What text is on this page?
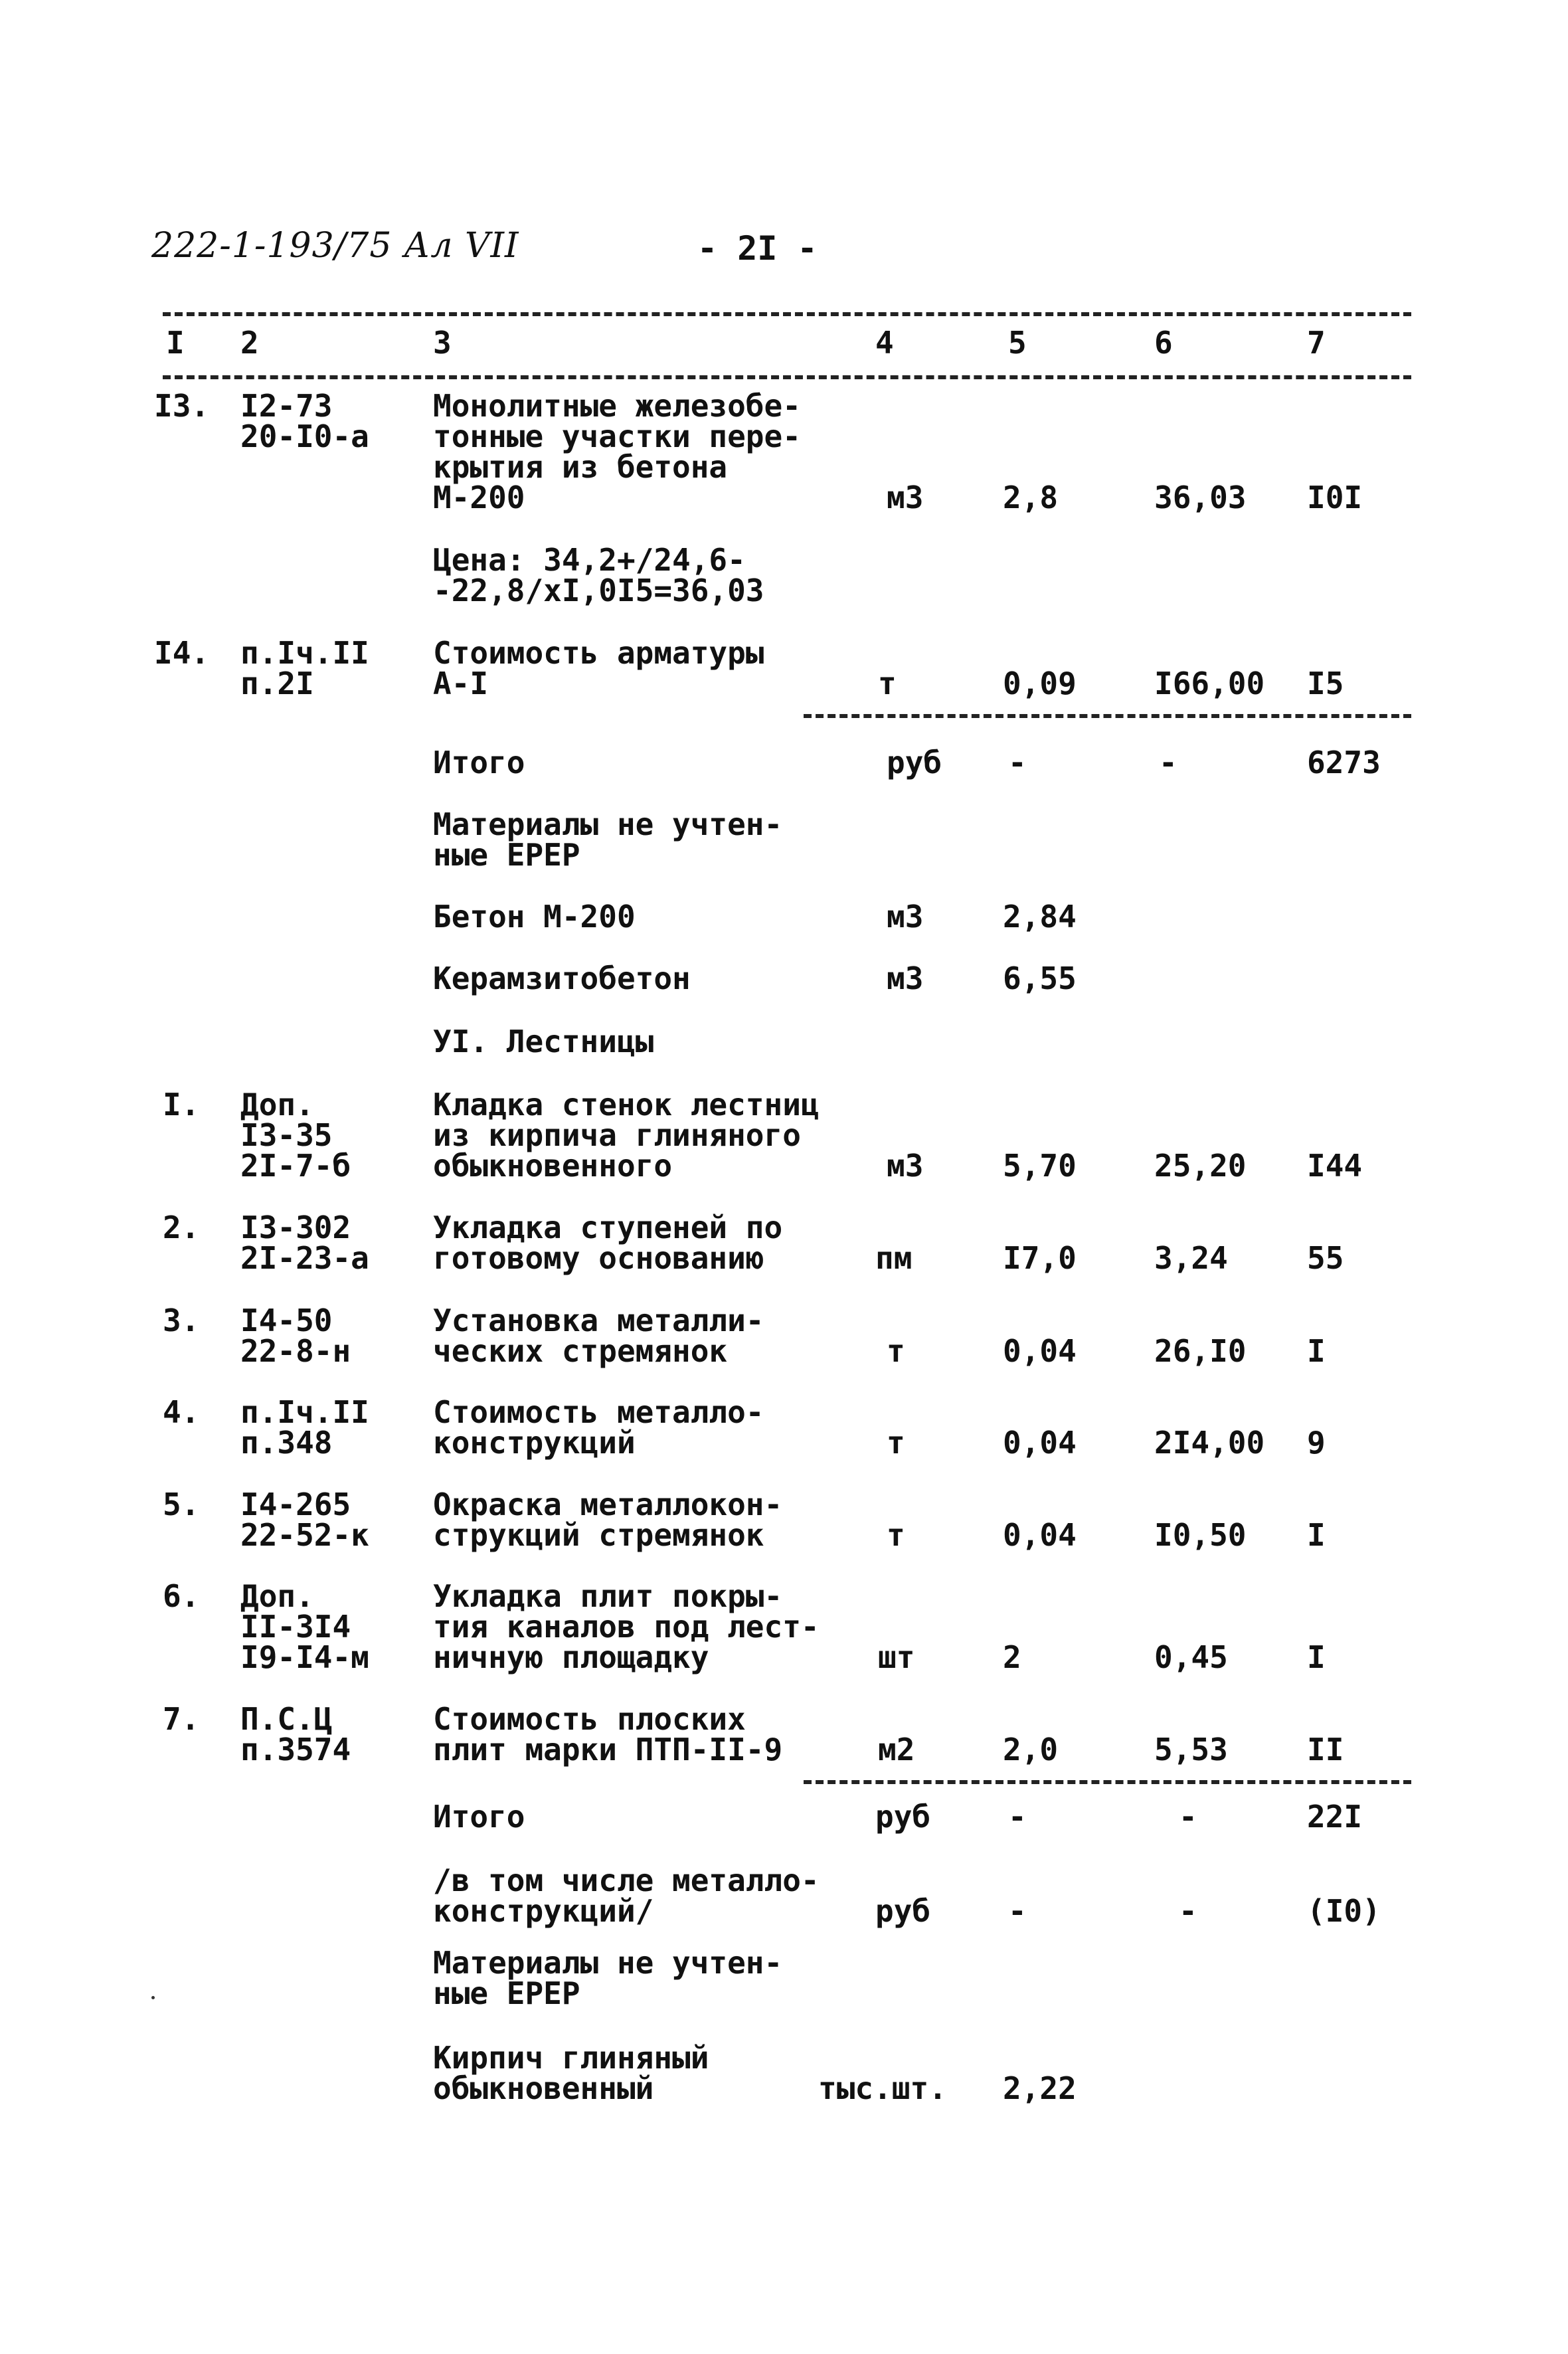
222-1-193/75 Ал VII	- 2I -
I 2	3	4	5	6	7
I3. I2-73
20-I0-a
Монолитные железобе-
тонные участки пере-
крытия из бетона
М-200	м3	2,8	36,03 I0I
Цена: 34,2+/24,6-
-22,8/xI,0I5=36,03
I4. п.Iч.II
п.2I
Стоимость арматуры
А-I	т	0,09	I66,00 I5
Итого	руб -	-	6273
Материалы не учтен-
ные ЕРЕР
Бетон М-200	м3	2,84
Керамзитобетон	м3	6,55
УI. Лестницы
I. Доп.
I3-35
2I-7-б
Кладка стенок лестниц
из кирпича глиняного
обыкновенного	м3	5,70	25,20 I44
2. I3-302
2I-23-a
Укладка ступеней по
готовому основанию	пм	I7,0	3,24	55
3. I4-50
22-8-н
Установка металли-
ческих стремянок	т	0,04	26,I0 I
4. п.Iч.II
п.348
Стоимость металло-
конструкций	т	0,04	2I4,00 9
5. I4-265
22-52-к
Окраска металлокон-
струкций стремянок	т	0,04	I0,50 I
6. Доп.
II-3I4
I9-I4-м
Укладка плит покры-
тия каналов под лест-
ничную площадку	шт	2	0,45	I
7. П.С.Ц
п.3574
Стоимость плоских
плит марки ПТП-II-9	м2	2,0	5,53	II
Итого	руб	-	-	22I
/в том числе металло-
конструкций/	руб	-	-	(I0)
Материалы не учтен-
ные ЕРЕР
Кирпич глиняный
обыкновенный	тыс.шт. 2,22
